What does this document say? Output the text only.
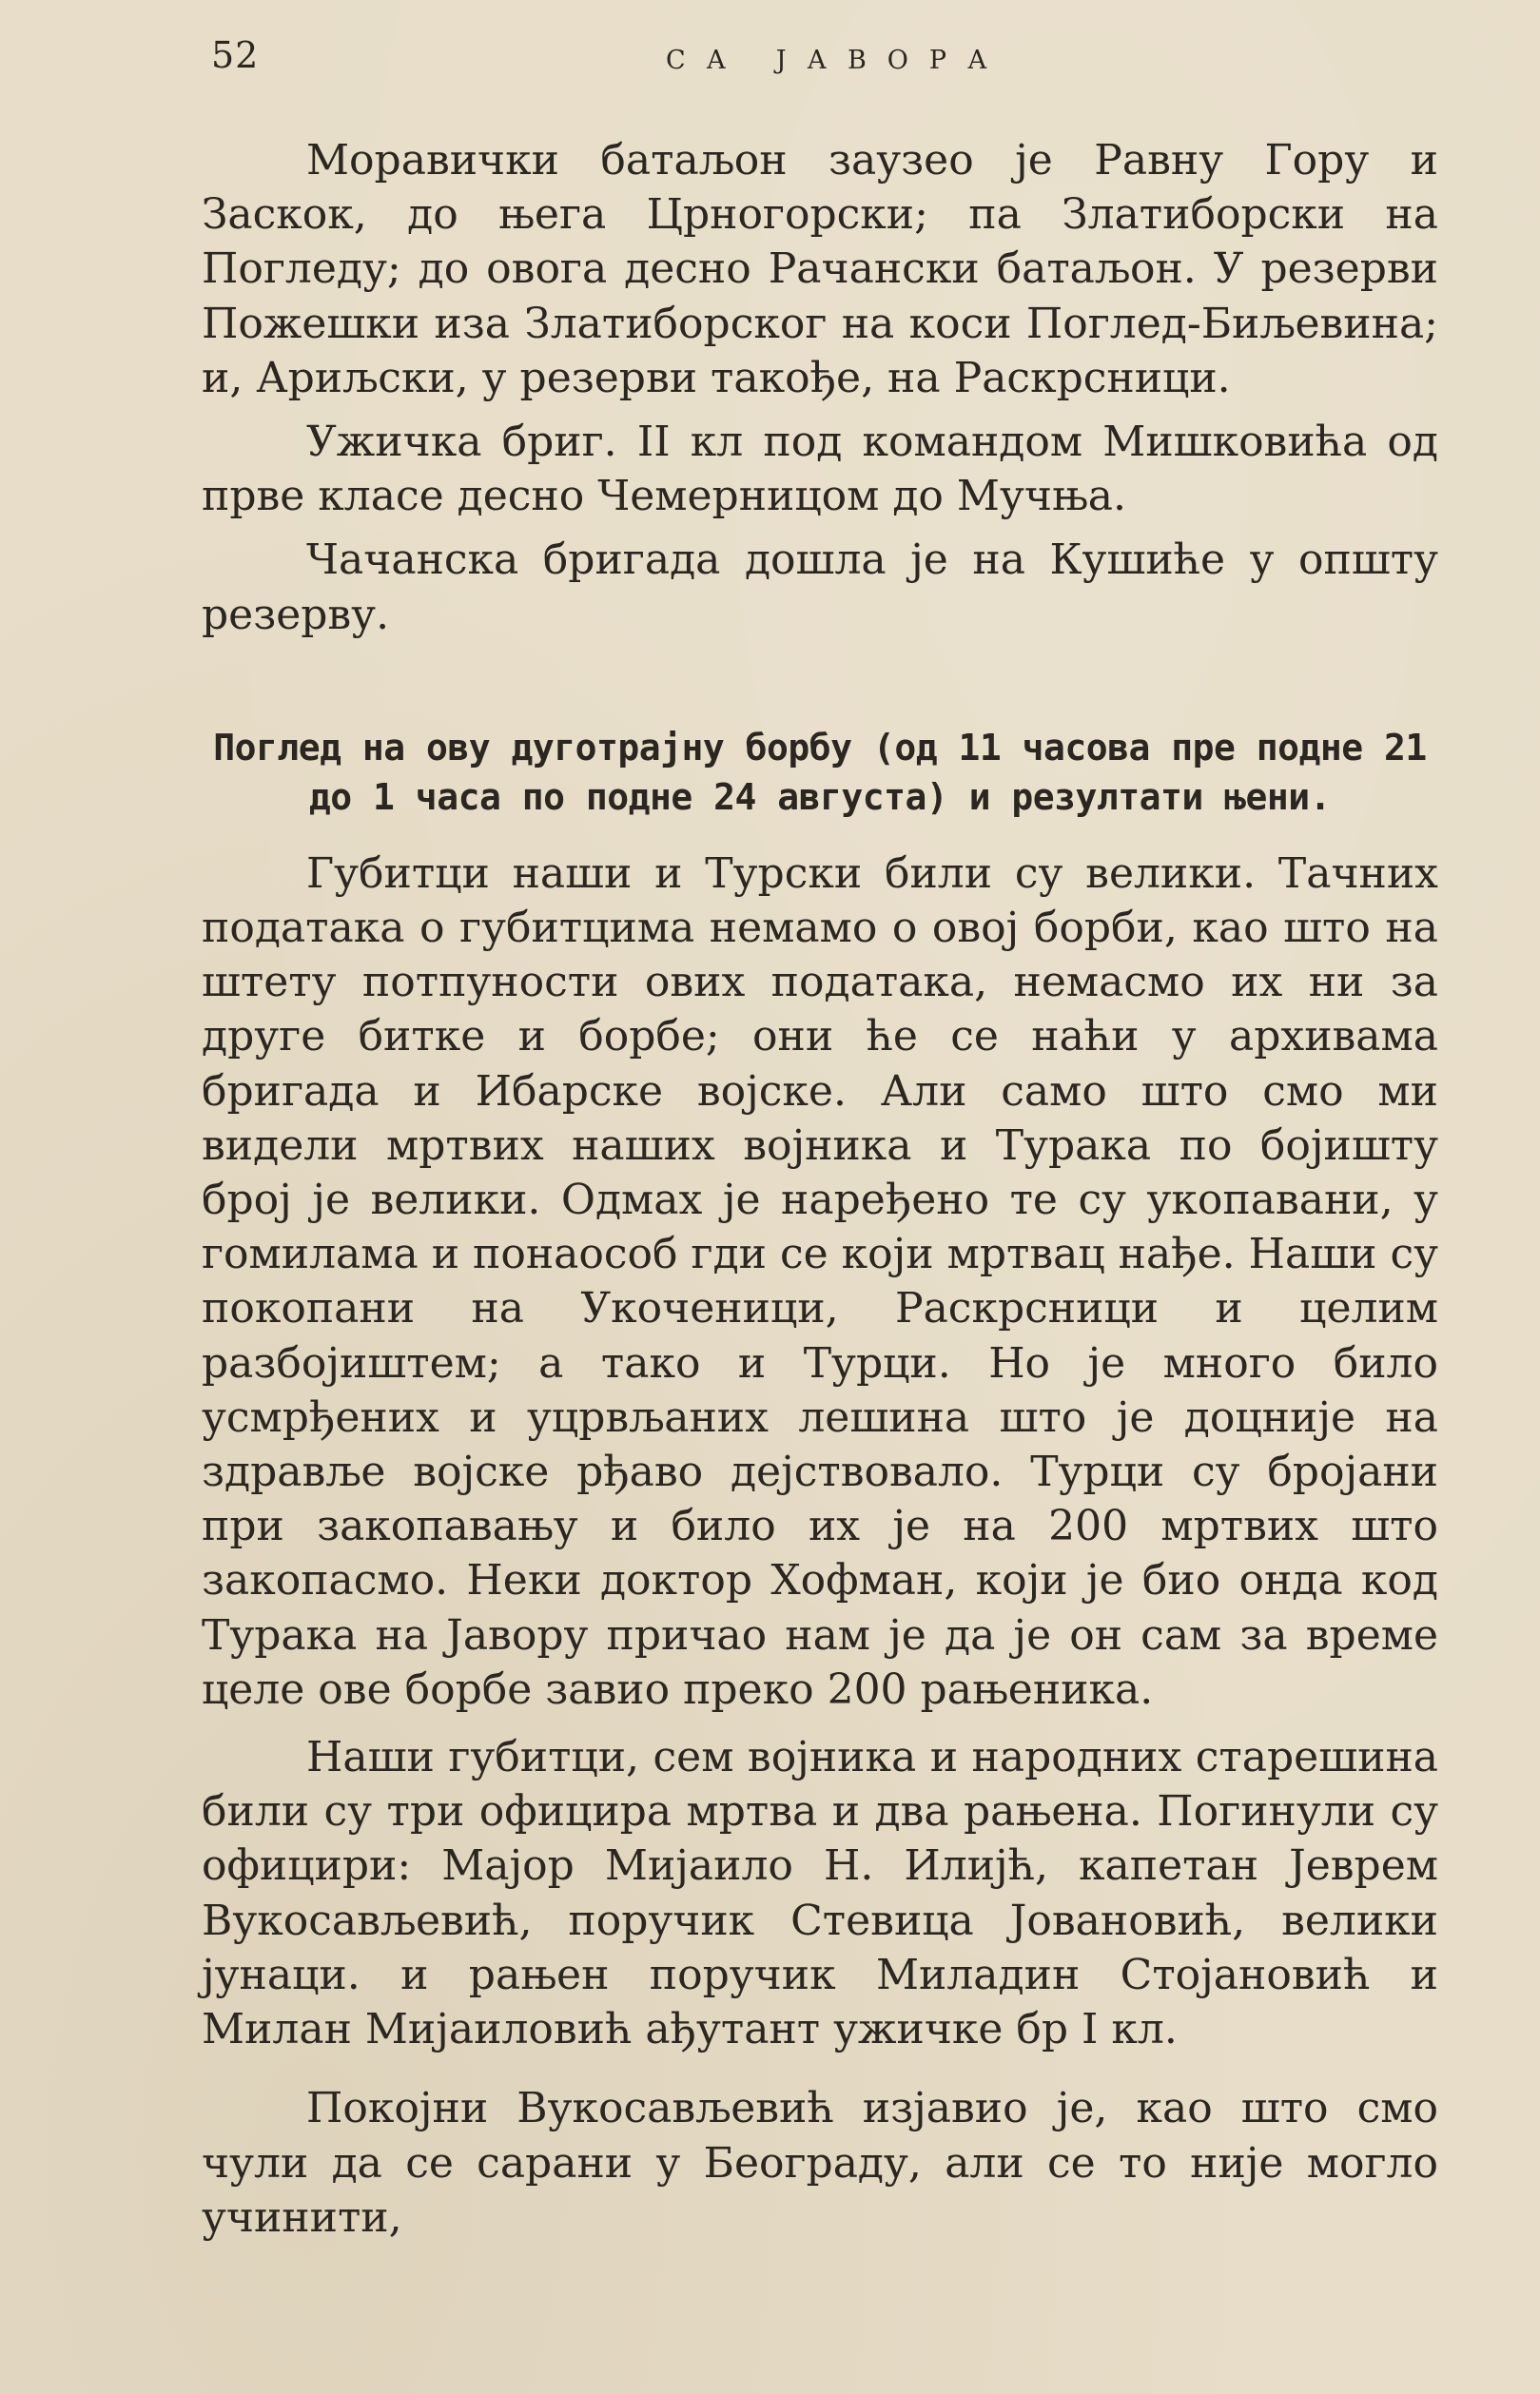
52	СА ЈАВОРА

Моравички батаљон заузео је Равну Гору и Заскок, до њега Црногорски; па Златиборски на Погледу; до овога десно Рачански батаљон. У резерви Пожешки иза Златиборског на коси Поглед-Биљевина; и, Ариљски, у резерви такође, на Раскрсници.

Ужичка бриг. II кл под командом Мишковића од прве класе десно Чемерницом до Мучња.

Чачанска бригада дошла је на Кушиће у општу резерву.

Поглед на ову дуготрајну борбу (од 11 часова пре подне 21 до 1 часа по подне 24 августа) и резултати њени.

Губитци наши и Турски били су велики. Тачних података о губитцима немамо о овој борби, као што на штету потпуности ових података, немасмо их ни за друге битке и борбе; они ће се наћи у архивама бригада и Ибарске војске. Али само што смо ми видели мртвих наших војника и Турака по бојишту број је велики. Одмах је наређено те су укопавани, у гомилама и понаособ гди се који мртвац нађе. Наши су покопани на Укоченици, Раскрсници и целим разбојиштем; а тако и Турци. Но је много било усмрђених и уцрвљаних лешина што је доцније на здравље војске рђаво дејствовало. Турци су бројани при закопавању и било их је на 200 мртвих што закопасмо. Неки доктор Хофман, који је био онда код Турака на Јавору причао нам је да је он сам за време целе ове борбе завио преко 200 рањеника.

Наши губитци, сем војника и народних старешина били су три официра мртва и два рањена. Погинули су официри: Мајор Мијаило Н. Илијћ, капетан Јеврем Вукосављевић, поручик Стевица Јовановић, велики јунаци. и рањен поручик Миладин Стојановић и Милан Мијаиловић ађутант ужичке бр I кл.

Покојни Вукосављевић изјавио је, као што смо чули да се сарани у Београду, али се то није могло учинити,
